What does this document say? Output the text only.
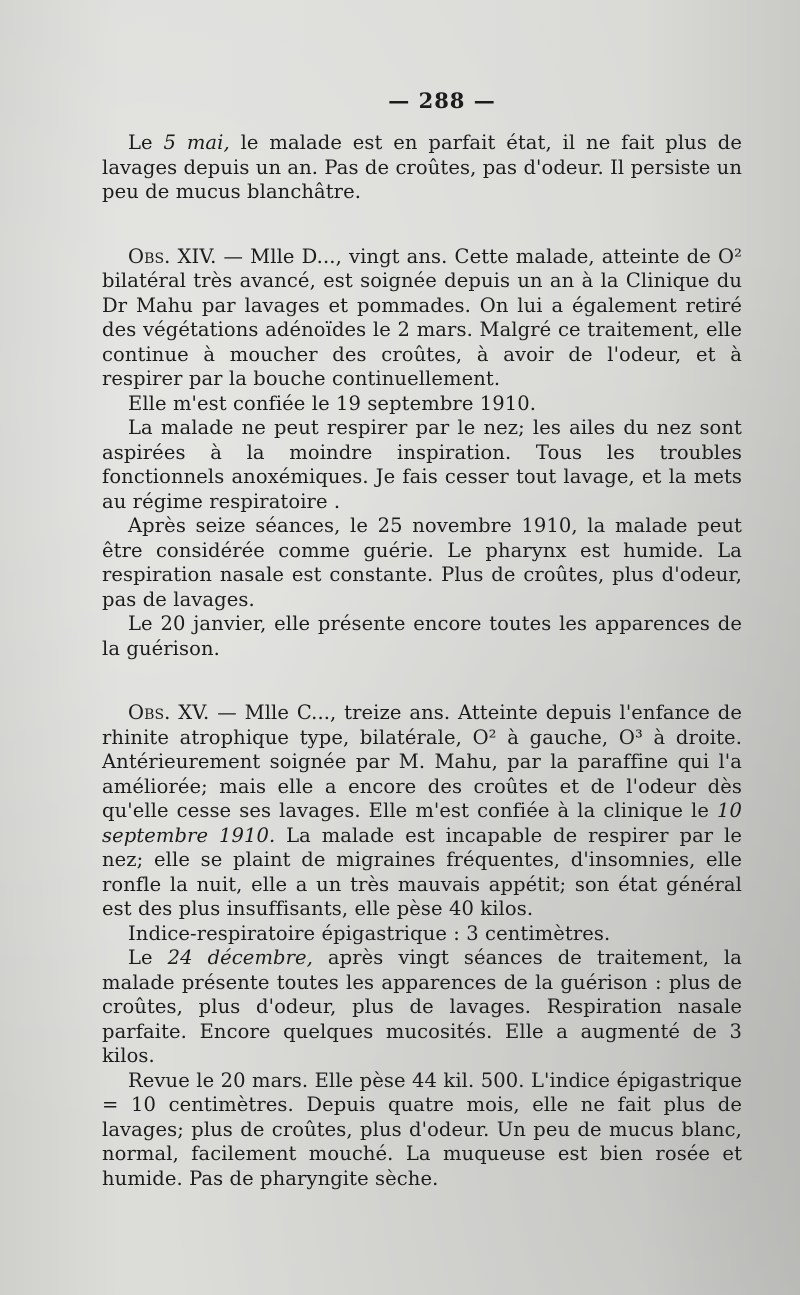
— 288 —

Le 5 mai, le malade est en parfait état, il ne fait plus de lavages depuis un an. Pas de croûtes, pas d'odeur. Il persiste un peu de mucus blanchâtre.

Obs. XIV. — Mlle D..., vingt ans. Cette malade, atteinte de O² bilatéral très avancé, est soignée depuis un an à la Clinique du Dr Mahu par lavages et pommades. On lui a également retiré des végétations adénoïdes le 2 mars. Malgré ce traitement, elle continue à moucher des croûtes, à avoir de l'odeur, et à respirer par la bouche continuellement.

Elle m'est confiée le 19 septembre 1910.

La malade ne peut respirer par le nez; les ailes du nez sont aspirées à la moindre inspiration. Tous les troubles fonctionnels anoxémiques. Je fais cesser tout lavage, et la mets au régime respiratoire .

Après seize séances, le 25 novembre 1910, la malade peut être considérée comme guérie. Le pharynx est humide. La respiration nasale est constante. Plus de croûtes, plus d'odeur, pas de lavages.

Le 20 janvier, elle présente encore toutes les apparences de la guérison.

Obs. XV. — Mlle C..., treize ans. Atteinte depuis l'enfance de rhinite atrophique type, bilatérale, O² à gauche, O³ à droite. Antérieurement soignée par M. Mahu, par la paraffine qui l'a améliorée; mais elle a encore des croûtes et de l'odeur dès qu'elle cesse ses lavages. Elle m'est confiée à la clinique le 10 septembre 1910. La malade est incapable de respirer par le nez; elle se plaint de migraines fréquentes, d'insomnies, elle ronfle la nuit, elle a un très mauvais appétit; son état général est des plus insuffisants, elle pèse 40 kilos.

Indice-respiratoire épigastrique : 3 centimètres.

Le 24 décembre, après vingt séances de traitement, la malade présente toutes les apparences de la guérison : plus de croûtes, plus d'odeur, plus de lavages. Respiration nasale parfaite. Encore quelques mucosités. Elle a augmenté de 3 kilos.

Revue le 20 mars. Elle pèse 44 kil. 500. L'indice épigastrique = 10 centimètres. Depuis quatre mois, elle ne fait plus de lavages; plus de croûtes, plus d'odeur. Un peu de mucus blanc, normal, facilement mouché. La muqueuse est bien rosée et humide. Pas de pharyngite sèche.
